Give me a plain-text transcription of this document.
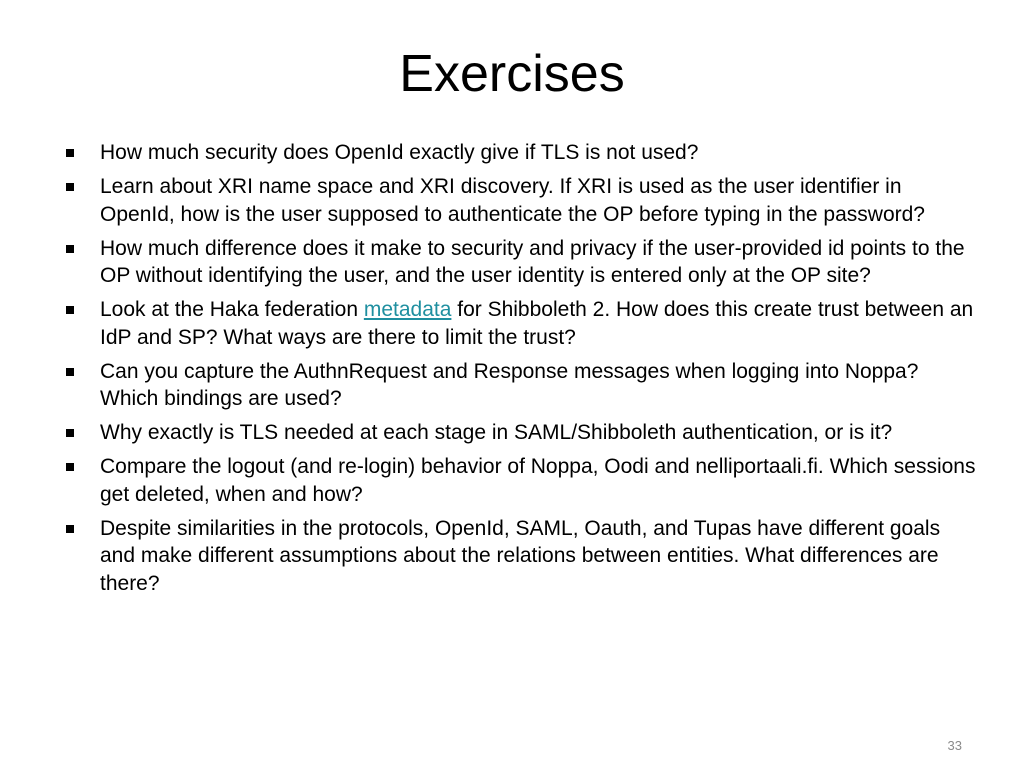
Exercises
How much security does OpenId exactly give if TLS is not used?
Learn about XRI name space and XRI discovery. If XRI is used as the user identifier in OpenId, how is the user supposed to authenticate the OP before typing in the password?
How much difference does it make to security and privacy if the user-provided id points to the OP without identifying the user, and the user identity is entered only at the OP site?
Look at the Haka federation metadata for Shibboleth 2. How does this create trust between an IdP and SP? What ways are there to limit the trust?
Can you capture the AuthnRequest and Response messages when logging into Noppa? Which bindings are used?
Why exactly is TLS needed at each stage in SAML/Shibboleth authentication, or is it?
Compare the logout (and re-login) behavior of Noppa, Oodi and nelliportaali.fi. Which sessions get deleted, when and how?
Despite similarities in the protocols, OpenId, SAML, Oauth, and Tupas have different goals and make different assumptions about the relations between entities. What differences are there?
33
